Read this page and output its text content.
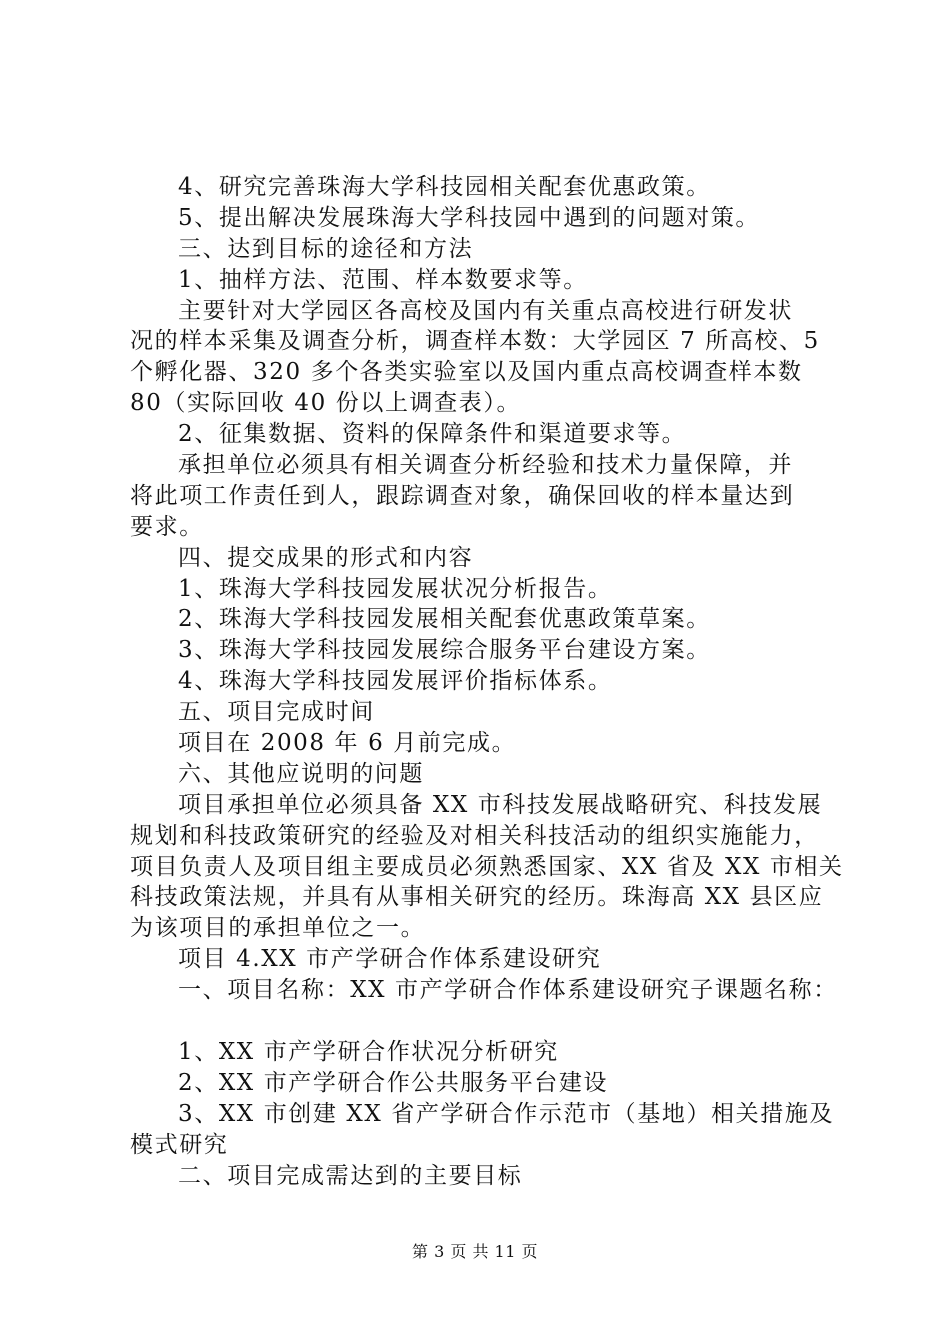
4、研究完善珠海大学科技园相关配套优惠政策。
5、提出解决发展珠海大学科技园中遇到的问题对策。
三、达到目标的途径和方法
1、抽样方法、范围、样本数要求等。
主要针对大学园区各高校及国内有关重点高校进行研发状
况的样本采集及调查分析，调查样本数：大学园区 7 所高校、5
个孵化器、320 多个各类实验室以及国内重点高校调查样本数
80（实际回收 40 份以上调查表）。
2、征集数据、资料的保障条件和渠道要求等。
承担单位必须具有相关调查分析经验和技术力量保障，并
将此项工作责任到人，跟踪调查对象，确保回收的样本量达到
要求。
四、提交成果的形式和内容
1、珠海大学科技园发展状况分析报告。
2、珠海大学科技园发展相关配套优惠政策草案。
3、珠海大学科技园发展综合服务平台建设方案。
4、珠海大学科技园发展评价指标体系。
五、项目完成时间
项目在 2008 年 6 月前完成。
六、其他应说明的问题
项目承担单位必须具备 XX 市科技发展战略研究、科技发展
规划和科技政策研究的经验及对相关科技活动的组织实施能力，
项目负责人及项目组主要成员必须熟悉国家、XX 省及 XX 市相关
科技政策法规，并具有从事相关研究的经历。珠海高 XX 县区应
为该项目的承担单位之一。
项目 4.XX 市产学研合作体系建设研究
一、项目名称：XX 市产学研合作体系建设研究子课题名称：
1、XX 市产学研合作状况分析研究
2、XX 市产学研合作公共服务平台建设
3、XX 市创建 XX 省产学研合作示范市（基地）相关措施及
模式研究
二、项目完成需达到的主要目标
第 3 页 共 11 页
